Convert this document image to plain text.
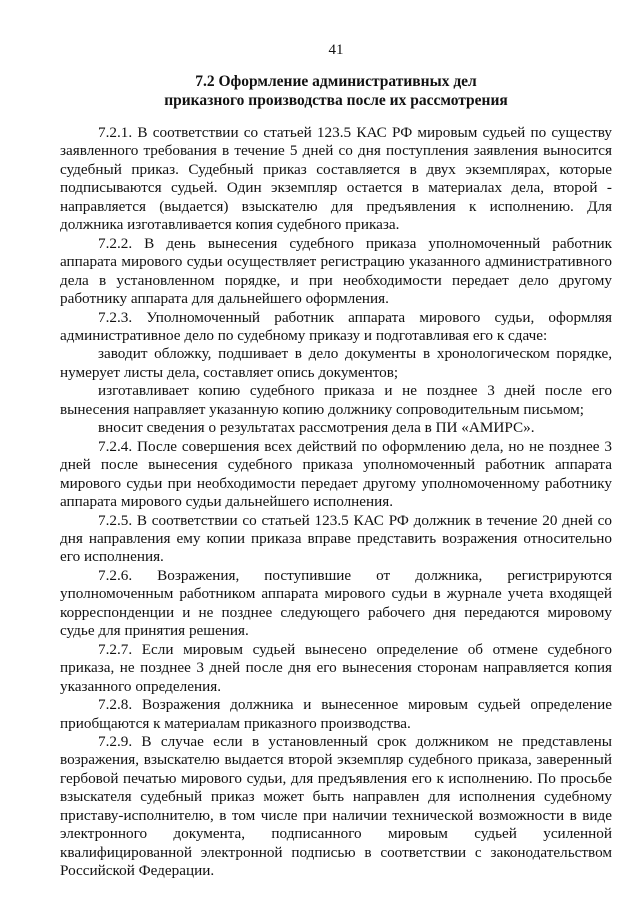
41
7.2 Оформление административных дел
приказного производства после их рассмотрения

7.2.1. В соответствии со статьей 123.5 КАС РФ мировым судьей по существу заявленного требования в течение 5 дней со дня поступления заявления выносится судебный приказ. Судебный приказ составляется в двух экземплярах, которые подписываются судьей. Один экземпляр остается в материалах дела, второй - направляется (выдается) взыскателю для предъявления к исполнению. Для должника изготавливается копия судебного приказа.

7.2.2. В день вынесения судебного приказа уполномоченный работник аппарата мирового судьи осуществляет регистрацию указанного административного дела в установленном порядке, и при необходимости передает дело другому работнику аппарата для дальнейшего оформления.

7.2.3. Уполномоченный работник аппарата мирового судьи, оформляя административное дело по судебному приказу и подготавливая его к сдаче:

заводит обложку, подшивает в дело документы в хронологическом порядке, нумерует листы дела, составляет опись документов;

изготавливает копию судебного приказа и не позднее 3 дней после его вынесения направляет указанную копию должнику сопроводительным письмом;

вносит сведения о результатах рассмотрения дела в ПИ «АМИРС».

7.2.4. После совершения всех действий по оформлению дела, но не позднее 3 дней после вынесения судебного приказа уполномоченный работник аппарата мирового судьи при необходимости передает другому уполномоченному работнику аппарата мирового судьи дальнейшего исполнения.

7.2.5. В соответствии со статьей 123.5 КАС РФ должник в течение 20 дней со дня направления ему копии приказа вправе представить возражения относительно его исполнения.

7.2.6. Возражения, поступившие от должника, регистрируются уполномоченным работником аппарата мирового судьи в журнале учета входящей корреспонденции и не позднее следующего рабочего дня передаются мировому судье для принятия решения.

7.2.7. Если мировым судьей вынесено определение об отмене судебного приказа, не позднее 3 дней после дня его вынесения сторонам направляется копия указанного определения.

7.2.8. Возражения должника и вынесенное мировым судьей определение приобщаются к материалам приказного производства.

7.2.9. В случае если в установленный срок должником не представлены возражения, взыскателю выдается второй экземпляр судебного приказа, заверенный гербовой печатью мирового судьи, для предъявления его к исполнению. По просьбе взыскателя судебный приказ может быть направлен для исполнения судебному приставу-исполнителю, в том числе при наличии технической возможности в виде электронного документа, подписанного мировым судьей усиленной квалифицированной электронной подписью в соответствии с законодательством Российской Федерации.
